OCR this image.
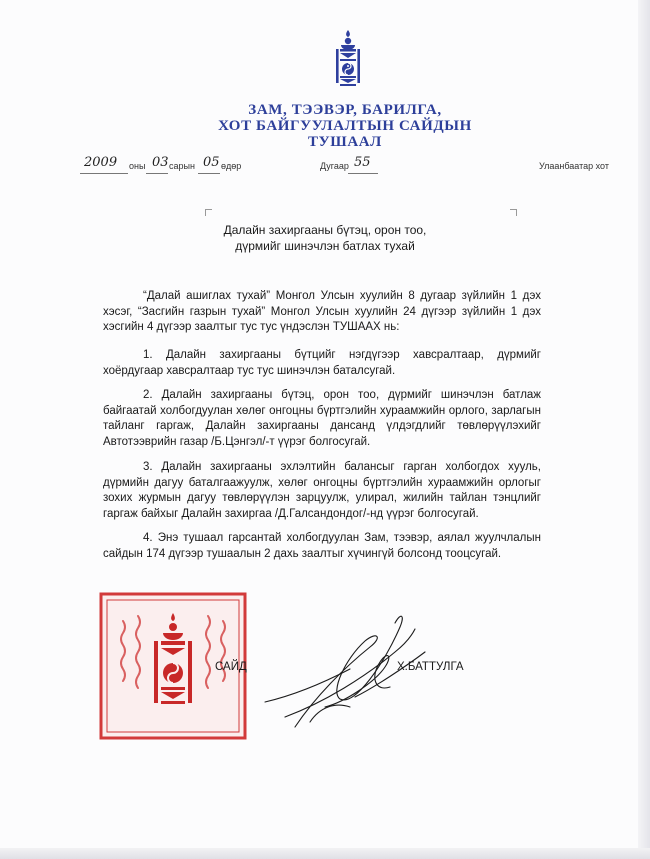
ЗАМ, ТЭЭВЭР, БАРИЛГА,
ХОТ БАЙГУУЛАЛТЫН САЙДЫН
ТУШААЛ
2009 оны 03 сарын 05 өдөр	Дугаар 55	Улаанбаатар хот
Далайн захиргааны бүтэц, орон тоо,
дүрмийг шинэчлэн батлах тухай

“Далай ашиглах тухай” Монгол Улсын хуулийн 8 дугаар зүйлийн 1 дэх хэсэг, “Засгийн газрын тухай” Монгол Улсын хуулийн 24 дүгээр зүйлийн 1 дэх хэсгийн 4 дүгээр заалтыг тус тус үндэслэн ТУШААХ нь:

1. Далайн захиргааны бүтцийг нэгдүгээр хавсралтаар, дүрмийг хоёрдугаар хавсралтаар тус тус шинэчлэн баталсугай.

2. Далайн захиргааны бүтэц, орон тоо, дүрмийг шинэчлэн батлаж байгаатай холбогдуулан хөлөг онгоцны бүртгэлийн хураамжийн орлого, зарлагын тайланг гаргаж, Далайн захиргааны дансанд үлдэгдлийг төвлөрүүлэхийг Автотээврийн газар /Б.Цэнгэл/-т үүрэг болгосугай.

3. Далайн захиргааны эхлэлтийн балансыг гарган холбогдох хууль, дүрмийн дагуу баталгаажуулж, хөлөг онгоцны бүртгэлийн хураамжийн орлогыг зохих журмын дагуу төвлөрүүлэн зарцуулж, улирал, жилийн тайлан тэнцлийг гаргаж байхыг Далайн захиргаа /Д.Галсандондог/-нд үүрэг болгосугай.

4. Энэ тушаал гарсантай холбогдуулан Зам, тээвэр, аялал жуулчлалын сайдын 174 дүгээр тушаалын 2 дахь заалтыг хүчингүй болсонд тооцсугай.

САЙД	Х.БАТТУЛГА
